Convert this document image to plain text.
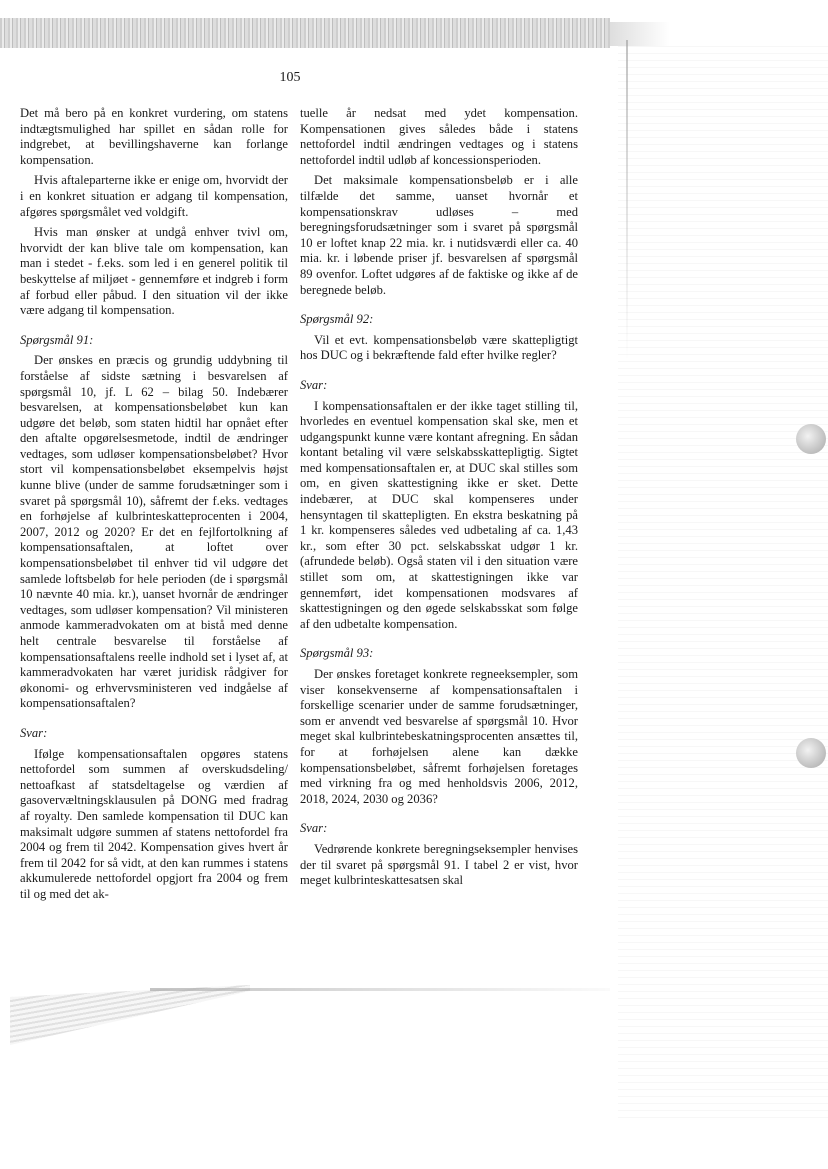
105

Det må bero på en konkret vurdering, om statens indtægtsmulighed har spillet en sådan rolle for indgrebet, at bevillingshaverne kan forlange kompensation.

Hvis aftaleparterne ikke er enige om, hvorvidt der i en konkret situation er adgang til kompensation, afgøres spørgsmålet ved voldgift.

Hvis man ønsker at undgå enhver tvivl om, hvorvidt der kan blive tale om kompensation, kan man i stedet - f.eks. som led i en generel politik til beskyttelse af miljøet - gennemføre et indgreb i form af forbud eller påbud. I den situation vil der ikke være adgang til kompensation.

Spørgsmål 91:

Der ønskes en præcis og grundig uddybning til forståelse af sidste sætning i besvarelsen af spørgsmål 10, jf. L 62 – bilag 50. Indebærer besvarelsen, at kompensationsbeløbet kun kan udgøre det beløb, som staten hidtil har opnået efter den aftalte opgørelsesmetode, indtil de ændringer vedtages, som udløser kompensationsbeløbet? Hvor stort vil kompensationsbeløbet eksempelvis højst kunne blive (under de samme forudsætninger som i svaret på spørgsmål 10), såfremt der f.eks. vedtages en forhøjelse af kulbrinteskatteprocenten i 2004, 2007, 2012 og 2020? Er det en fejlfortolkning af kompensationsaftalen, at loftet over kompensationsbeløbet til enhver tid vil udgøre det samlede loftsbeløb for hele perioden (de i spørgsmål 10 nævnte 40 mia. kr.), uanset hvornår de ændringer vedtages, som udløser kompensation? Vil ministeren anmode kammeradvokaten om at bistå med denne helt centrale besvarelse til forståelse af kompensationsaftalens reelle indhold set i lyset af, at kammeradvokaten har været juridisk rådgiver for økonomi- og erhvervsministeren ved indgåelse af kompensationsaftalen?

Svar:

Ifølge kompensationsaftalen opgøres statens nettofordel som summen af overskudsdeling/ nettoafkast af statsdeltagelse og værdien af gasovervæltningsklausulen på DONG med fradrag af royalty. Den samlede kompensation til DUC kan maksimalt udgøre summen af statens nettofordel fra 2004 og frem til 2042. Kompensation gives hvert år frem til 2042 for så vidt, at den kan rummes i statens akkumulerede nettofordel opgjort fra 2004 og frem til og med det ak-

tuelle år nedsat med ydet kompensation. Kompensationen gives således både i statens nettofordel indtil ændringen vedtages og i statens nettofordel indtil udløb af koncessionsperioden.

Det maksimale kompensationsbeløb er i alle tilfælde det samme, uanset hvornår et kompensationskrav udløses – med beregningsforudsætninger som i svaret på spørgsmål 10 er loftet knap 22 mia. kr. i nutidsværdi eller ca. 40 mia. kr. i løbende priser jf. besvarelsen af spørgsmål 89 ovenfor. Loftet udgøres af de faktiske og ikke af de beregnede beløb.

Spørgsmål 92:

Vil et evt. kompensationsbeløb være skattepligtigt hos DUC og i bekræftende fald efter hvilke regler?

Svar:

I kompensationsaftalen er der ikke taget stilling til, hvorledes en eventuel kompensation skal ske, men et udgangspunkt kunne være kontant afregning. En sådan kontant betaling vil være selskabsskattepligtig. Sigtet med kompensationsaftalen er, at DUC skal stilles som om, en given skattestigning ikke er sket. Dette indebærer, at DUC skal kompenseres under hensyntagen til skattepligten. En ekstra beskatning på 1 kr. kompenseres således ved udbetaling af ca. 1,43 kr., som efter 30 pct. selskabsskat udgør 1 kr. (afrundede beløb). Også staten vil i den situation være stillet som om, at skattestigningen ikke var gennemført, idet kompensationen modsvares af skattestigningen og den øgede selskabsskat som følge af den udbetalte kompensation.

Spørgsmål 93:

Der ønskes foretaget konkrete regneeksempler, som viser konsekvenserne af kompensationsaftalen i forskellige scenarier under de samme forudsætninger, som er anvendt ved besvarelse af spørgsmål 10. Hvor meget skal kulbrintebeskatningsprocenten ansættes til, for at forhøjelsen alene kan dække kompensationsbeløbet, såfremt forhøjelsen foretages med virkning fra og med henholdsvis 2006, 2012, 2018, 2024, 2030 og 2036?

Svar:

Vedrørende konkrete beregningseksempler henvises der til svaret på spørgsmål 91. I tabel 2 er vist, hvor meget kulbrinteskattesatsen skal
